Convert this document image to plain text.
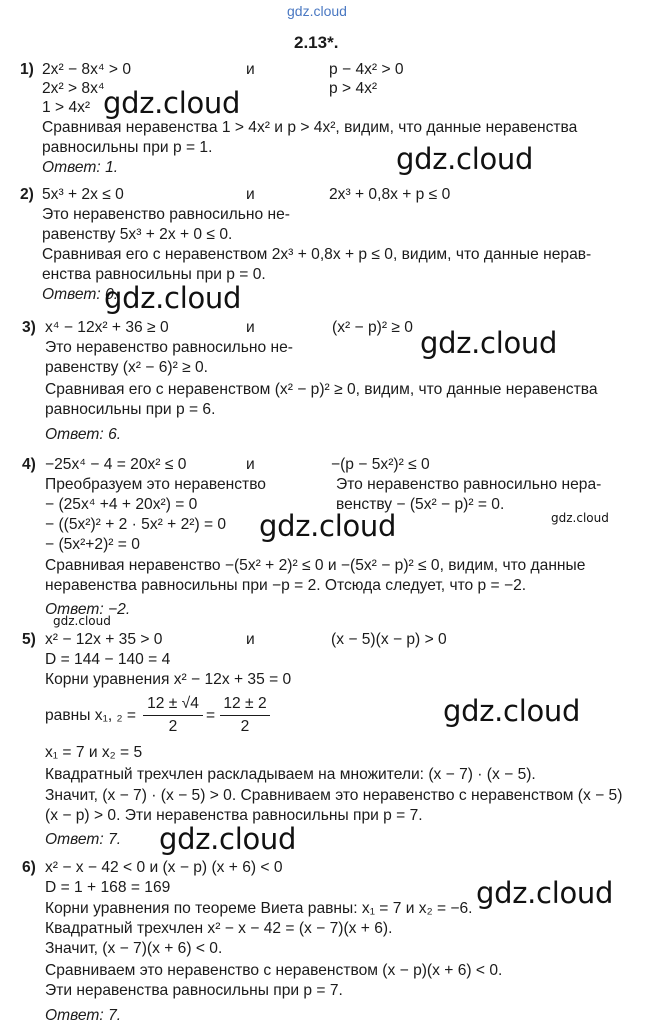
gdz.cloud
2.13*.
1) 2x² − 8x⁴ > 0	и	p − 4x² > 0
2x² > 8x⁴	p > 4x²
1 > 4x²
Сравнивая неравенства 1 > 4x² и p > 4x², видим, что данные неравенства
равносильны при p = 1.
Ответ: 1.
2) 5x³ + 2x ≤ 0	и	2x³ + 0,8x + p ≤ 0
Это неравенство равносильно не-
равенству 5x³ + 2x + 0 ≤ 0.
Сравнивая его с неравенством 2x³ + 0,8x + p ≤ 0, видим, что данные нерав-
енства равносильны при p = 0.
Ответ: 0.
3) x⁴ − 12x² + 36 ≥ 0	и	(x² − p)² ≥ 0
Это неравенство равносильно не-
равенству (x² − 6)² ≥ 0.
Сравнивая его с неравенством (x² − p)² ≥ 0, видим, что данные неравенства
равносильны при p = 6.
Ответ: 6.
4) −25x⁴ − 4 = 20x² ≤ 0	и	−(p − 5x²)² ≤ 0
Преобразуем это неравенство	Это неравенство равносильно нера-
− (25x⁴ +4 + 20x²) = 0	венству − (5x² − p)² = 0.
− ((5x²)² + 2 · 5x² + 2²) = 0
− (5x²+2)² = 0
Сравнивая неравенство −(5x² + 2)² ≤ 0 и −(5x² − p)² ≤ 0, видим, что данные
неравенства равносильны при −p = 2. Отсюда следует, что p = −2.
Ответ: −2.
5) x² − 12x + 35 > 0	и	(x − 5)(x − p) > 0
D = 144 − 140 = 4
Корни уравнения x² − 12x + 35 = 0
равны x₁, ₂ =
12 ± √4
2
=
12 ± 2
2
x₁ = 7 и x₂ = 5
Квадратный трехчлен раскладываем на множители: (x − 7) · (x − 5).
Значит, (x − 7) · (x − 5) > 0. Сравниваем это неравенство с неравенством (x − 5)
(x − p) > 0. Эти неравенства равносильны при p = 7.
Ответ: 7.
6) x² − x − 42 < 0 и (x − p) (x + 6) < 0
D = 1 + 168 = 169
Корни уравнения по теореме Виета равны: x₁ = 7 и x₂ = −6.
Квадратный трехчлен x² − x − 42 = (x − 7)(x + 6).
Значит, (x − 7)(x + 6) < 0.
Сравниваем это неравенство с неравенством (x − p)(x + 6) < 0.
Эти неравенства равносильны при p = 7.
Ответ: 7.
gdz.cloud
gdz.cloud
gdz.cloud
gdz.cloud
gdz.cloud	gdz.cloud
gdz.cloud
gdz.cloud
gdz.cloud
gdz.cloud
